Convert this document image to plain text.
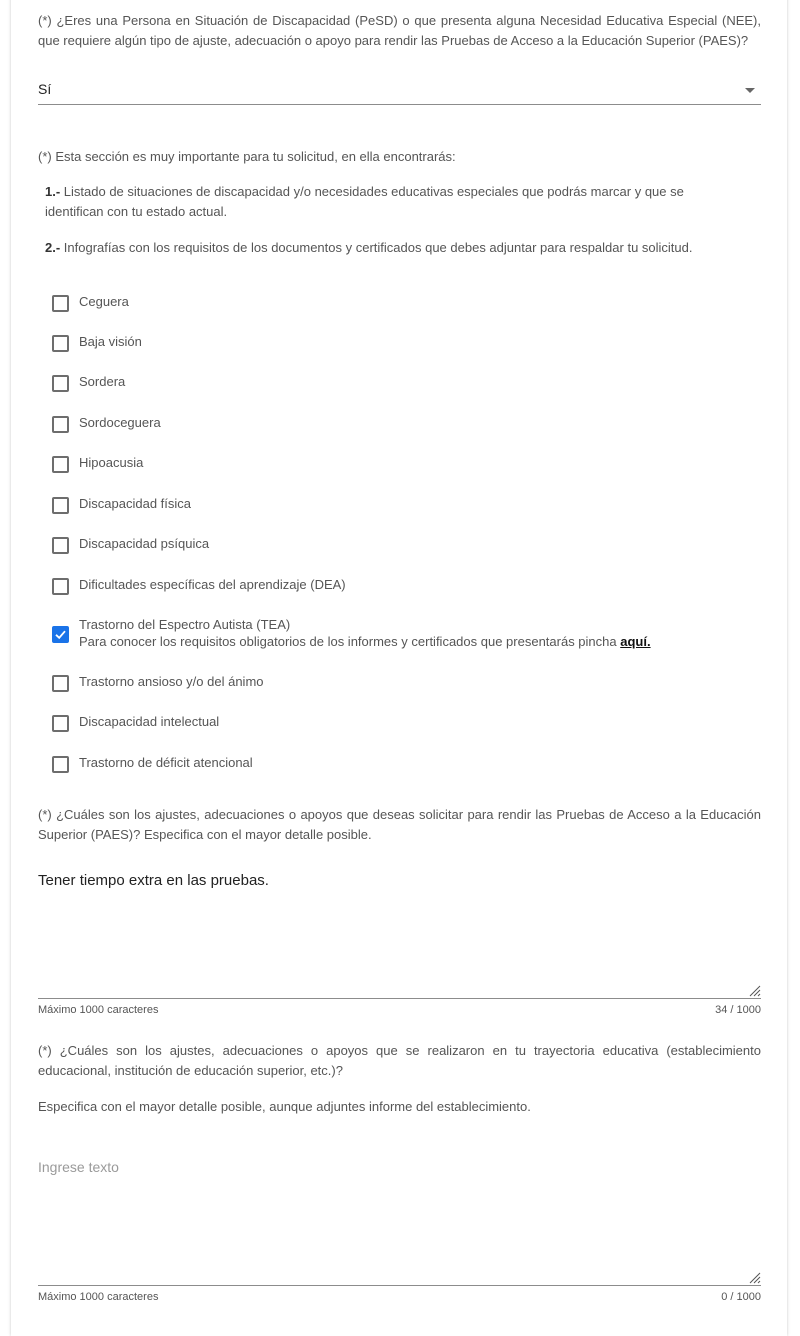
(*) ¿Eres una Persona en Situación de Discapacidad (PeSD) o que presenta alguna Necesidad Educativa Especial (NEE), que requiere algún tipo de ajuste, adecuación o apoyo para rendir las Pruebas de Acceso a la Educación Superior (PAES)?
Sí
(*) Esta sección es muy importante para tu solicitud, en ella encontrarás:
1.- Listado de situaciones de discapacidad y/o necesidades educativas especiales que podrás marcar y que se identifican con tu estado actual.
2.- Infografías con los requisitos de los documentos y certificados que debes adjuntar para respaldar tu solicitud.
Ceguera
Baja visión
Sordera
Sordoceguera
Hipoacusia
Discapacidad física
Discapacidad psíquica
Dificultades específicas del aprendizaje (DEA)
Trastorno del Espectro Autista (TEA)
Para conocer los requisitos obligatorios de los informes y certificados que presentarás pincha aquí.
Trastorno ansioso y/o del ánimo
Discapacidad intelectual
Trastorno de déficit atencional
(*) ¿Cuáles son los ajustes, adecuaciones o apoyos que deseas solicitar para rendir las Pruebas de Acceso a la Educación Superior (PAES)? Especifica con el mayor detalle posible.
Tener tiempo extra en las pruebas.
Máximo 1000 caracteres	34 / 1000
(*) ¿Cuáles son los ajustes, adecuaciones o apoyos que se realizaron en tu trayectoria educativa (establecimiento educacional, institución de educación superior, etc.)?
Especifica con el mayor detalle posible, aunque adjuntes informe del establecimiento.
Ingrese texto
Máximo 1000 caracteres	0 / 1000
